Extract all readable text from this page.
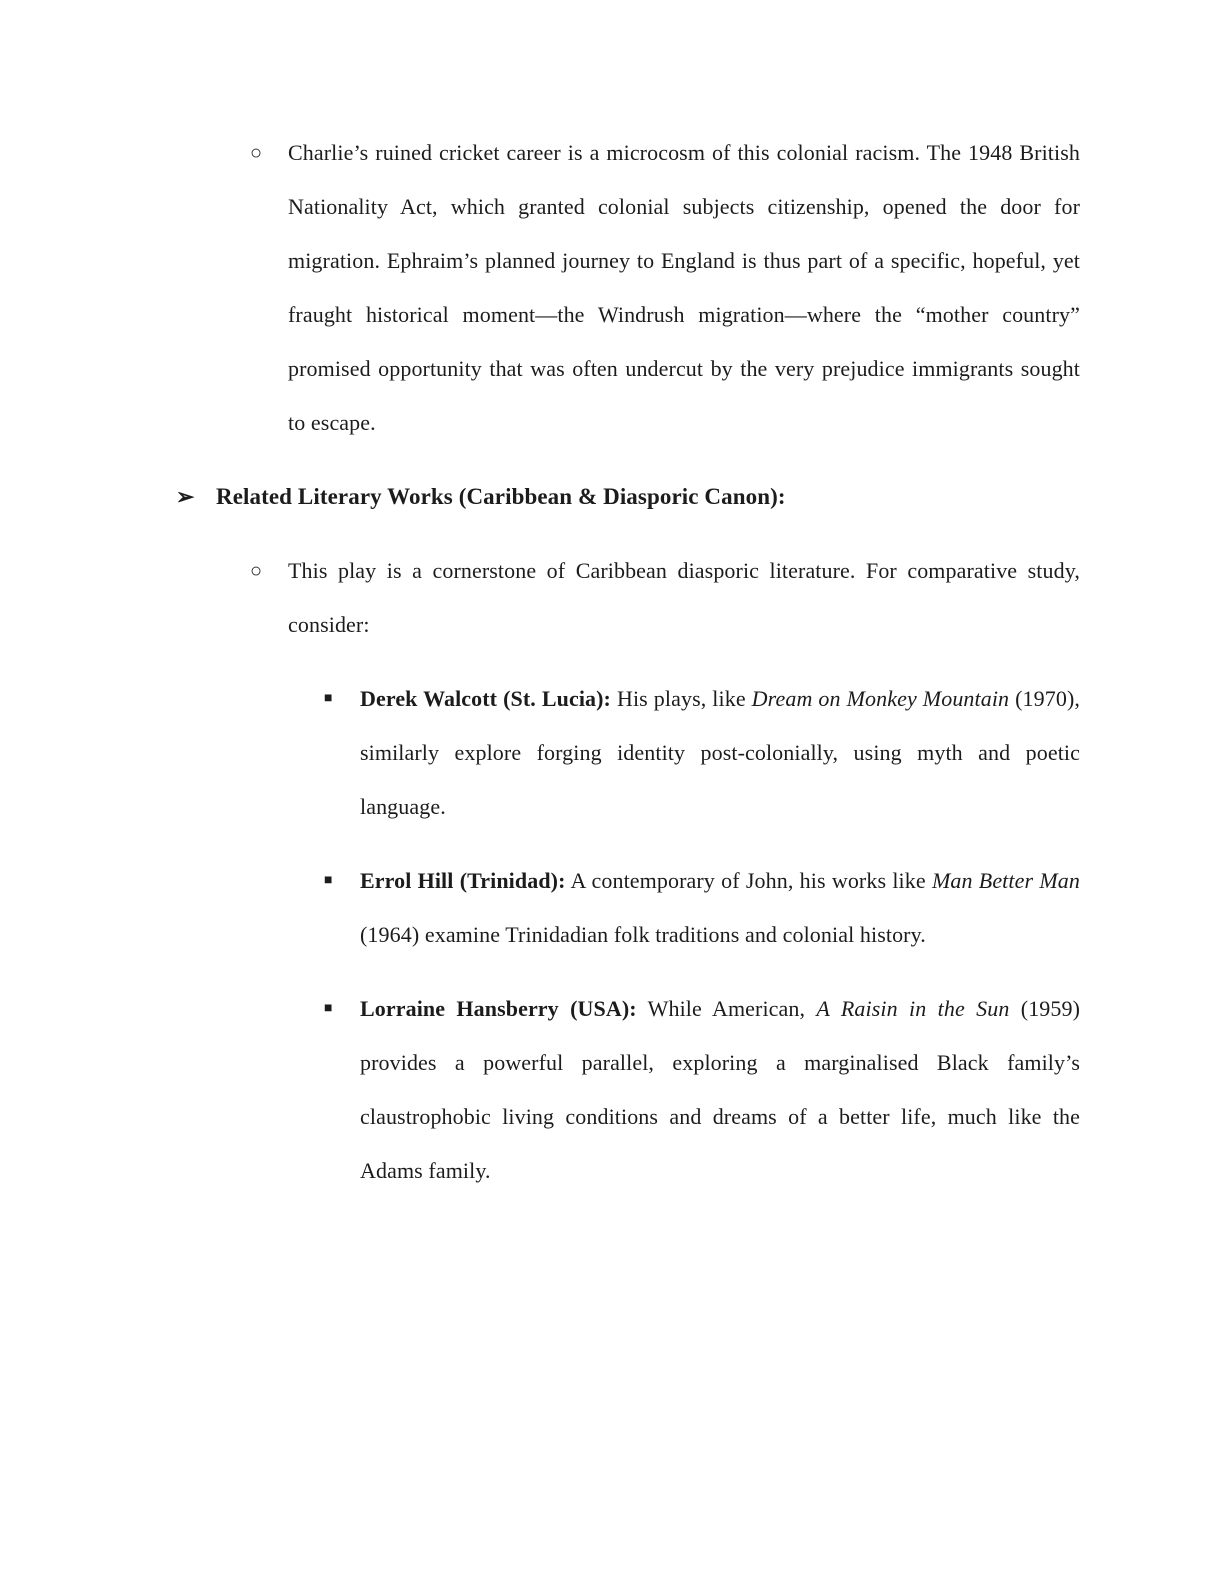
○ Charlie’s ruined cricket career is a microcosm of this colonial racism. The 1948 British Nationality Act, which granted colonial subjects citizenship, opened the door for migration. Ephraim’s planned journey to England is thus part of a specific, hopeful, yet fraught historical moment—the Windrush migration—where the “mother country” promised opportunity that was often undercut by the very prejudice immigrants sought to escape.
➢ Related Literary Works (Caribbean & Diasporic Canon):
○ This play is a cornerstone of Caribbean diasporic literature. For comparative study, consider:
■ Derek Walcott (St. Lucia): His plays, like Dream on Monkey Mountain (1970), similarly explore forging identity post-colonially, using myth and poetic language.
■ Errol Hill (Trinidad): A contemporary of John, his works like Man Better Man (1964) examine Trinidadian folk traditions and colonial history.
■ Lorraine Hansberry (USA): While American, A Raisin in the Sun (1959) provides a powerful parallel, exploring a marginalised Black family’s claustrophobic living conditions and dreams of a better life, much like the Adams family.
